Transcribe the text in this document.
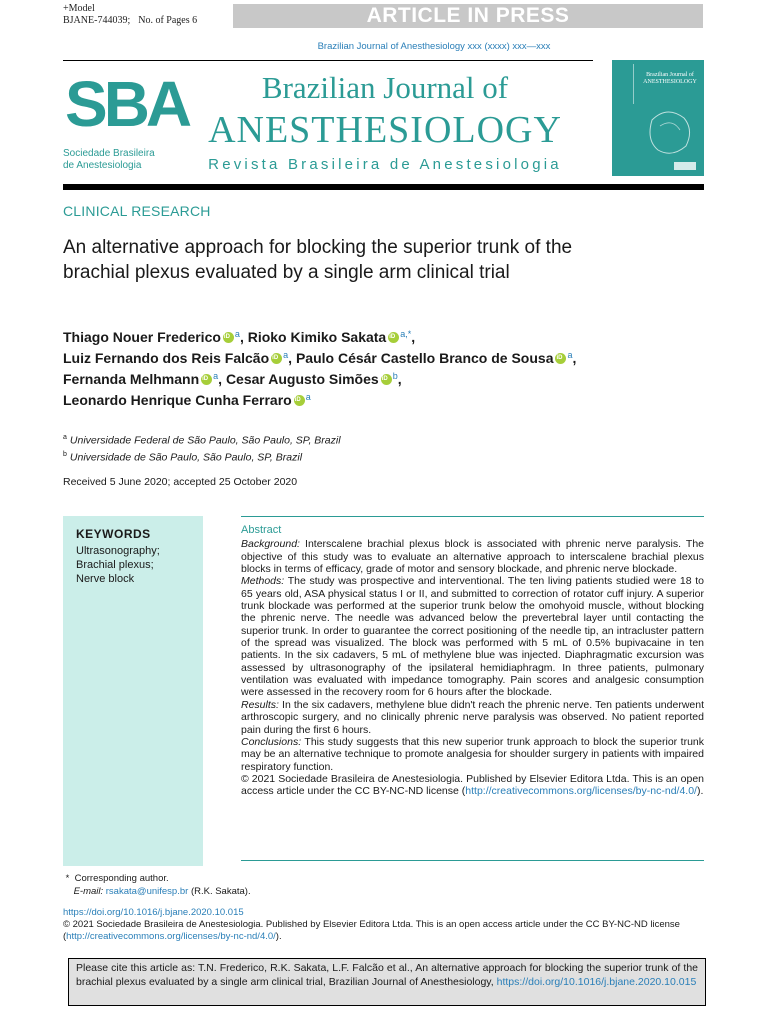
+Model
BJANE-744039; No. of Pages 6	ARTICLE IN PRESS
Brazilian Journal of Anesthesiology xxx (xxxx) xxx—xxx
SBA
Sociedade Brasileira
de Anestesiologia
Brazilian Journal of
ANESTHESIOLOGY
Revista Brasileira de Anestesiologia
Brazilian Journal of
ANESTHESIOLOGY
CLINICAL RESEARCH
An alternative approach for blocking the superior trunk of the brachial plexus evaluated by a single arm clinical trial
Thiago Nouer Frederico iD $^a$, Rioko Kimiko Sakata iD $^{a,*}$,
Luiz Fernando dos Reis Falcão iD $^a$, Paulo Césár Castello Branco de Sousa iD $^a$,
Fernanda Melhmann iD $^a$, Cesar Augusto Simões iD $^b$,
Leonardo Henrique Cunha Ferraro iD $^a$
$^a$ Universidade Federal de São Paulo, São Paulo, SP, Brazil
$^b$ Universidade de São Paulo, São Paulo, SP, Brazil
Received 5 June 2020; accepted 25 October 2020
KEYWORDS
Ultrasonography;
Brachial plexus;
Nerve block
Abstract
Background: Interscalene brachial plexus block is associated with phrenic nerve paralysis. The objective of this study was to evaluate an alternative approach to interscalene brachial plexus blocks in terms of efficacy, grade of motor and sensory blockade, and phrenic nerve blockade.
Methods: The study was prospective and interventional. The ten living patients studied were 18 to 65 years old, ASA physical status I or II, and submitted to correction of rotator cuff injury. A superior trunk blockade was performed at the superior trunk below the omohyoid muscle, without blocking the phrenic nerve. The needle was advanced below the prevertebral layer until contacting the superior trunk. In order to guarantee the correct positioning of the needle tip, an intracluster pattern of the spread was visualized. The block was performed with 5 mL of 0.5% bupivacaine in ten patients. In the six cadavers, 5 mL of methylene blue was injected. Diaphragmatic excursion was assessed by ultrasonography of the ipsilateral hemidiaphragm. In three patients, pulmonary ventilation was evaluated with impedance tomography. Pain scores and analgesic consumption were assessed in the recovery room for 6 hours after the blockade.
Results: In the six cadavers, methylene blue didn't reach the phrenic nerve. Ten patients underwent arthroscopic surgery, and no clinically phrenic nerve paralysis was observed. No patient reported pain during the first 6 hours.
Conclusions: This study suggests that this new superior trunk approach to block the superior trunk may be an alternative technique to promote analgesia for shoulder surgery in patients with impaired respiratory function.
© 2021 Sociedade Brasileira de Anestesiologia. Published by Elsevier Editora Ltda. This is an open access article under the CC BY-NC-ND license (http://creativecommons.org/licenses/by-nc-nd/4.0/).
* Corresponding author.
E-mail: rsakata@unifesp.br (R.K. Sakata).
https://doi.org/10.1016/j.bjane.2020.10.015
© 2021 Sociedade Brasileira de Anestesiologia. Published by Elsevier Editora Ltda. This is an open access article under the CC BY-NC-ND license (http://creativecommons.org/licenses/by-nc-nd/4.0/).
Please cite this article as: T.N. Frederico, R.K. Sakata, L.F. Falcão et al., An alternative approach for blocking the superior trunk of the brachial plexus evaluated by a single arm clinical trial, Brazilian Journal of Anesthesiology, https://doi.org/10.1016/j.bjane.2020.10.015
